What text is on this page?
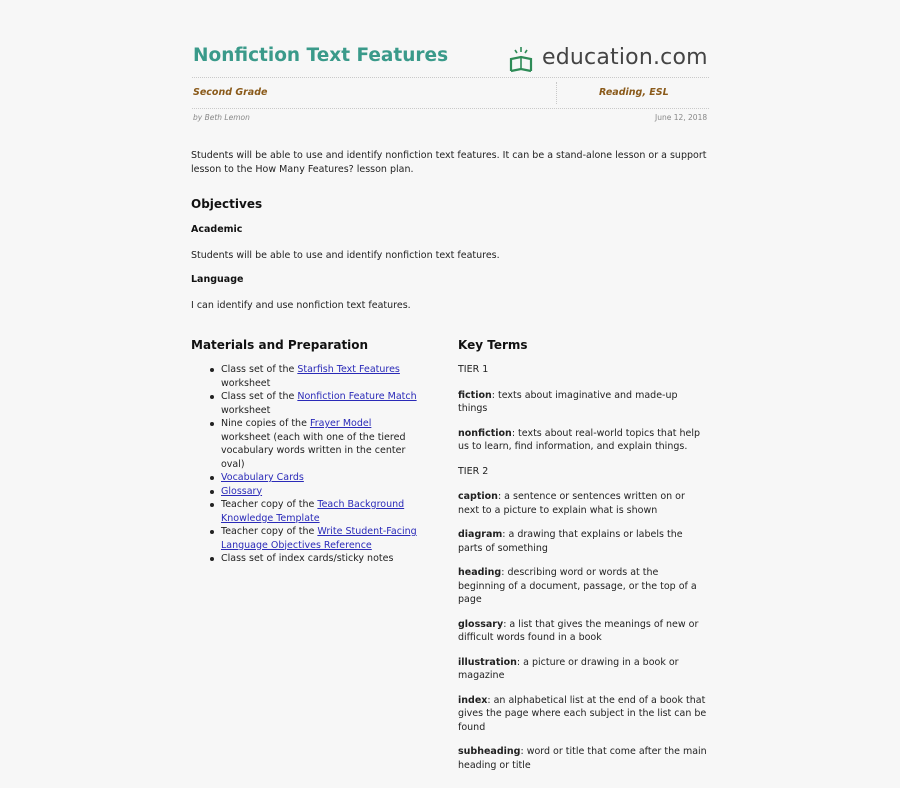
Nonfiction Text Features	education.com
Second Grade	Reading, ESL
by Beth Lemon	June 12, 2018
Students will be able to use and identify nonfiction text features. It can be a stand-alone lesson or a support lesson to the How Many Features? lesson plan.
Objectives
Academic
Students will be able to use and identify nonfiction text features.
Language
I can identify and use nonfiction text features.
Materials and Preparation
Class set of the Starfish Text Features worksheet
Class set of the Nonfiction Feature Match worksheet
Nine copies of the Frayer Model worksheet (each with one of the tiered vocabulary words written in the center oval)
Vocabulary Cards
Glossary
Teacher copy of the Teach Background Knowledge Template
Teacher copy of the Write Student-Facing Language Objectives Reference
Class set of index cards/sticky notes
Key Terms
TIER 1
fiction: texts about imaginative and made-up things
nonfiction: texts about real-world topics that help us to learn, find information, and explain things.
TIER 2
caption: a sentence or sentences written on or next to a picture to explain what is shown
diagram: a drawing that explains or labels the parts of something
heading: describing word or words at the beginning of a document, passage, or the top of a page
glossary: a list that gives the meanings of new or difficult words found in a book
illustration: a picture or drawing in a book or magazine
index: an alphabetical list at the end of a book that gives the page where each subject in the list can be found
subheading: word or title that come after the main heading or title
